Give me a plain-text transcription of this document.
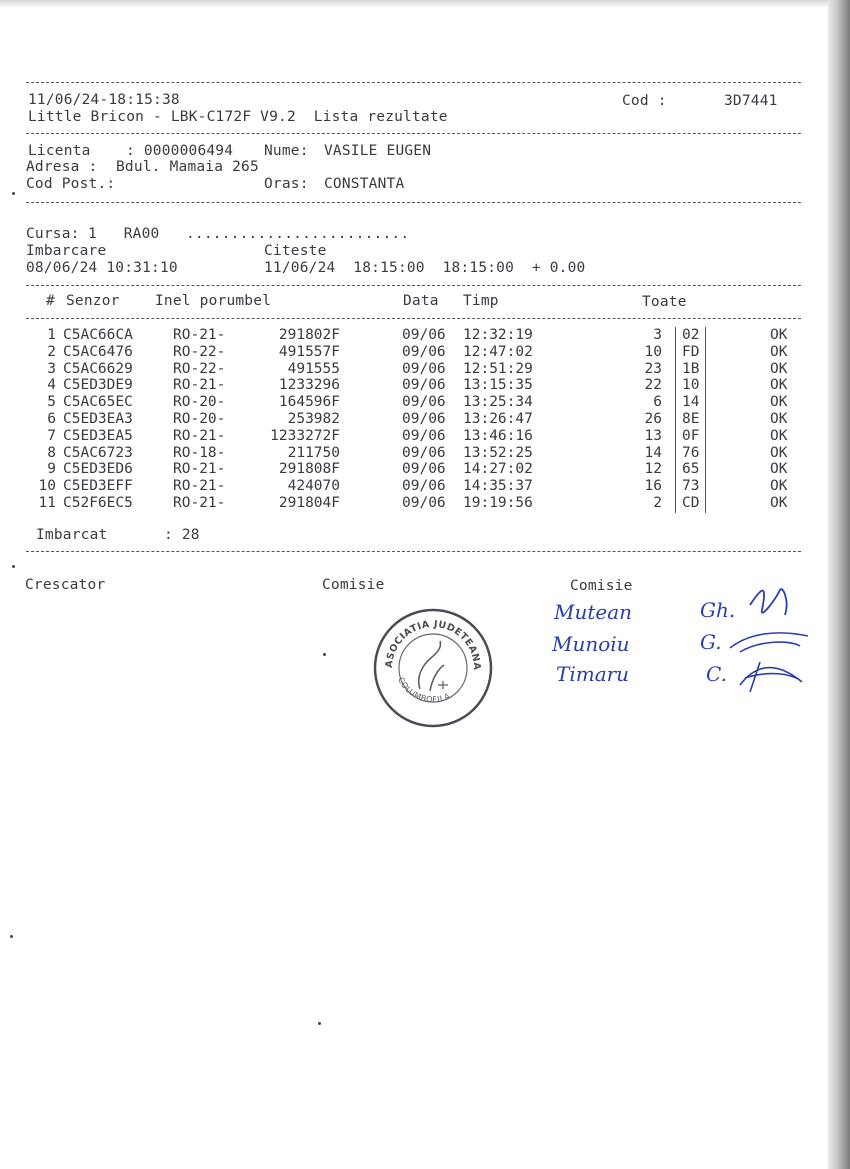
11/06/24-18:15:38	Cod :	3D7441
Little Bricon - LBK-C172F V9.2  Lista rezultate
Licenta : 0000006494 Nume: VASILE EUGEN
Adresa : Bdul. Mamaia 265
Cod Post.:	Oras: CONSTANTA
Cursa: 1   RA00 .........................
Imbarcare	Citeste
08/06/24 10:31:10	11/06/24  18:15:00  18:15:00  + 0.00
# Senzor Inel porumbel	Data Timp	Toate
1 C5AC66CA	RO-21-	291802F	09/06 12:32:19	3 02	OK
2 C5AC6476	RO-22-	491557F	09/06 12:47:02	10 FD	OK
3 C5AC6629	RO-22-	491555	09/06 12:51:29	23 1B	OK
4 C5ED3DE9	RO-21-	1233296	09/06 13:15:35	22 10	OK
5 C5AC65EC	RO-20-	164596F	09/06 13:25:34	6 14	OK
6 C5ED3EA3	RO-20-	253982	09/06 13:26:47	26 8E	OK
7 C5ED3EA5	RO-21-	1233272F	09/06 13:46:16	13 0F	OK
8 C5AC6723	RO-18-	211750	09/06 13:52:25	14 76	OK
9 C5ED3ED6	RO-21-	291808F	09/06 14:27:02	12 65	OK
10 C5ED3EFF	RO-21-	424070	09/06 14:35:37	16 73	OK
11 C52F6EC5	RO-21-	291804F	09/06 19:19:56	2 CD	OK
Imbarcat	: 28
Crescator	Comisie	Comisie
ASOCIATIA JUDETEANA
COLUMBOFILA
Mutean
Munoiu
Timaru
Gh.
G.
C.
